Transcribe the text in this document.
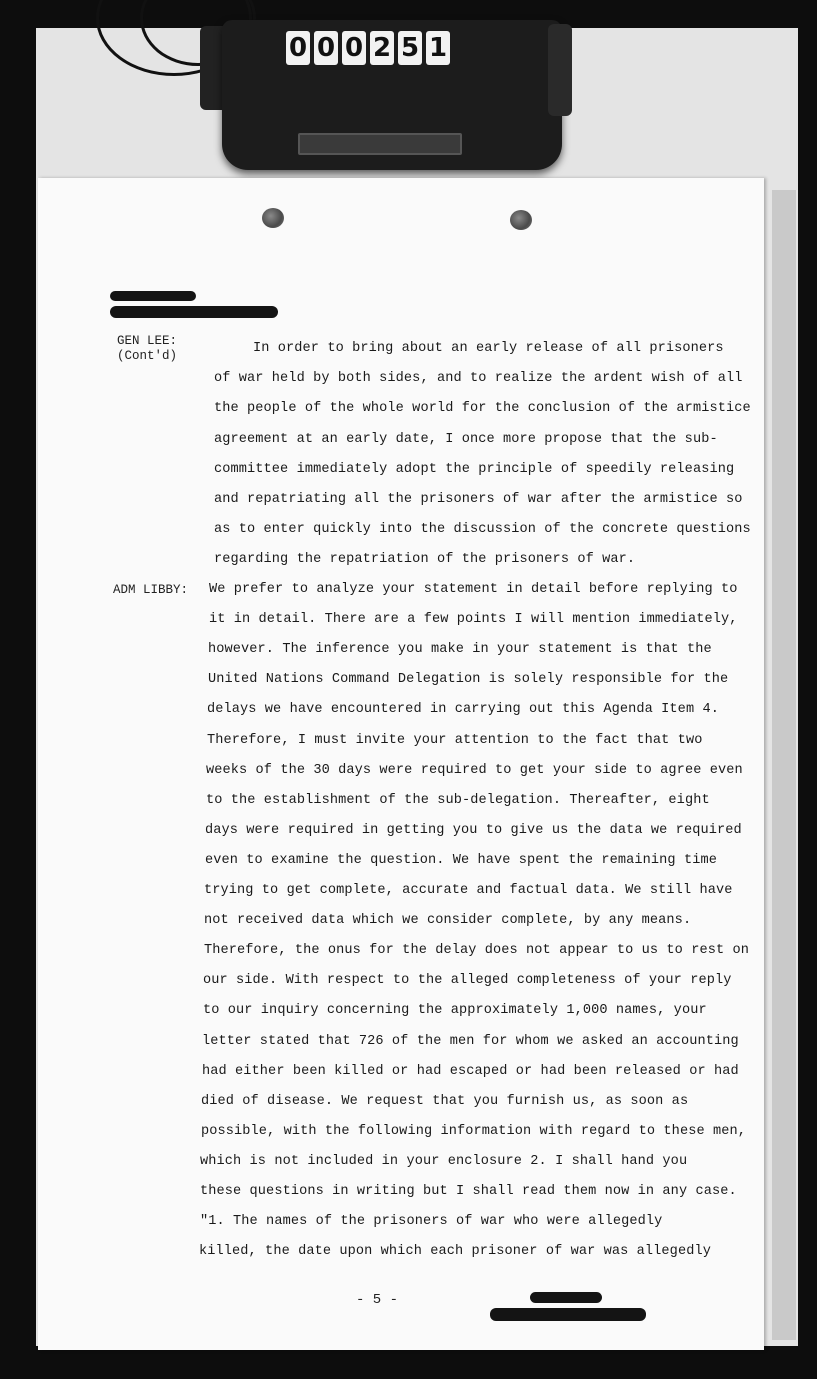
0 0 0 2 5 1
GEN LEE:
(Cont'd)	In order to bring about an early release of all prisoners
of war held by both sides, and to realize the ardent wish of all
the people of the whole world for the conclusion of the armistice
agreement at an early date, I once more propose that the sub-
committee immediately adopt the principle of speedily releasing
and repatriating all the prisoners of war after the armistice so
as to enter quickly into the discussion of the concrete questions
regarding the repatriation of the prisoners of war.
ADM LIBBY: We prefer to analyze your statement in detail before replying to
it in detail. There are a few points I will mention immediately,
however. The inference you make in your statement is that the
United Nations Command Delegation is solely responsible for the
delays we have encountered in carrying out this Agenda Item 4.
Therefore, I must invite your attention to the fact that two
weeks of the 30 days were required to get your side to agree even
to the establishment of the sub-delegation. Thereafter, eight
days were required in getting you to give us the data we required
even to examine the question. We have spent the remaining time
trying to get complete, accurate and factual data. We still have
not received data which we consider complete, by any means.
Therefore, the onus for the delay does not appear to us to rest on
our side. With respect to the alleged completeness of your reply
to our inquiry concerning the approximately 1,000 names, your
letter stated that 726 of the men for whom we asked an accounting
had either been killed or had escaped or had been released or had
died of disease. We request that you furnish us, as soon as
possible, with the following information with regard to these men,
which is not included in your enclosure 2. I shall hand you
these questions in writing but I shall read them now in any case.
"1. The names of the prisoners of war who were allegedly
killed, the date upon which each prisoner of war was allegedly
- 5 -
